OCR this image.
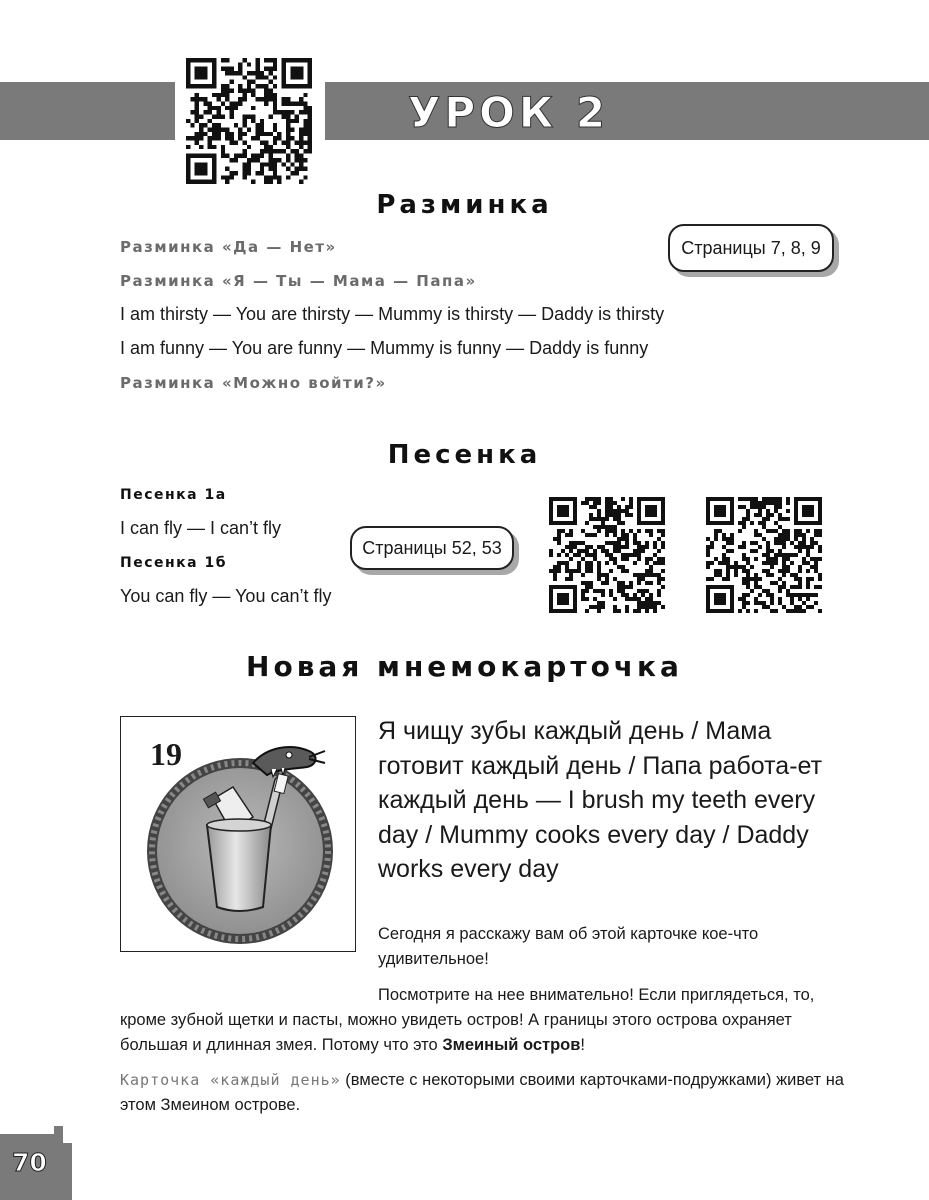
УРОК 2
Разминка
Страницы 7, 8, 9
Разминка «Да — Нет»
Разминка «Я — Ты — Мама — Папа»
I am thirsty — You are thirsty — Mummy is thirsty — Daddy is thirsty
I am funny — You are funny — Mummy is funny — Daddy is funny
Разминка «Можно войти?»
Песенка
Песенка 1а
I can fly — I can’t fly
Песенка 1б
You can fly — You can’t fly
Страницы 52, 53
Новая мнемокарточка
19
Я чищу зубы каждый день / Мама готовит каждый день / Папа работа-ет каждый день — I brush my teeth every day / Mummy cooks every day / Daddy works every day
Сегодня я расскажу вам об этой карточке кое-что удивительное!
Посмотрите на нее внимательно! Если приглядеться, то, кроме зубной щетки и пасты, можно увидеть остров! А границы этого острова охраняет большая и длинная змея. Потому что это Змеиный остров!
Карточка «каждый день» (вместе с некоторыми своими карточками-подружками) живет на этом Змеином острове.
70
